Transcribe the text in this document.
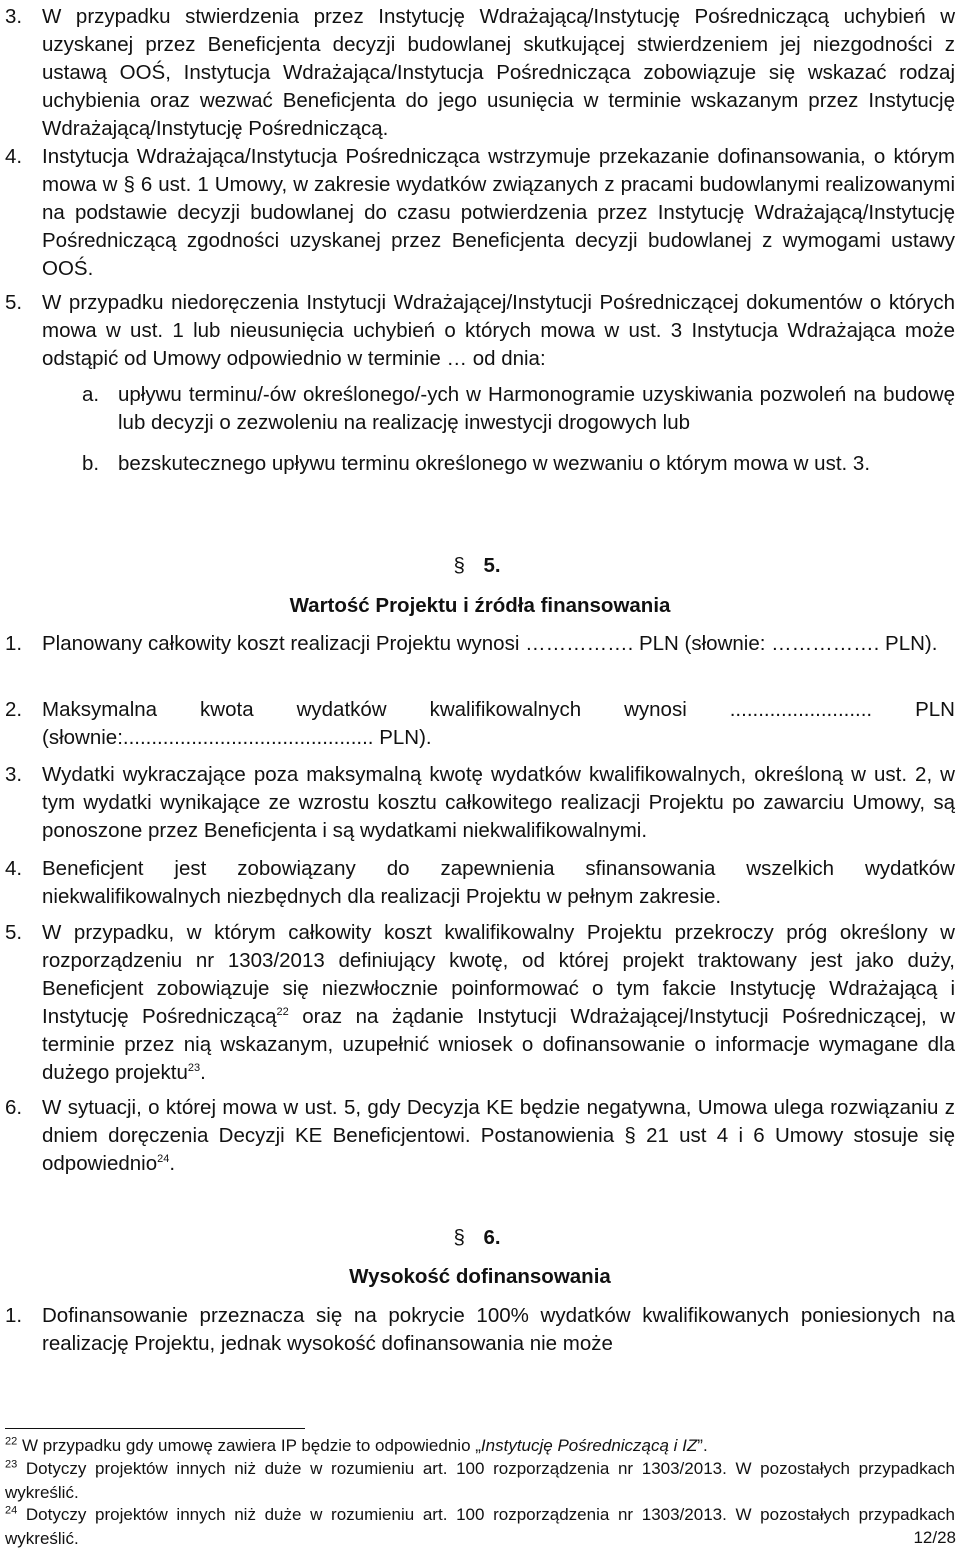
3. W przypadku stwierdzenia przez Instytucję Wdrażającą/Instytucję Pośredniczącą uchybień w uzyskanej przez Beneficjenta decyzji budowlanej skutkującej stwierdzeniem jej niezgodności z ustawą OOŚ, Instytucja Wdrażająca/Instytucja Pośrednicząca zobowiązuje się wskazać rodzaj uchybienia oraz wezwać Beneficjenta do jego usunięcia w terminie wskazanym przez Instytucję Wdrażającą/Instytucję Pośredniczącą.
4. Instytucja Wdrażająca/Instytucja Pośrednicząca wstrzymuje przekazanie dofinansowania, o którym mowa w § 6 ust. 1 Umowy, w zakresie wydatków związanych z pracami budowlanymi realizowanymi na podstawie decyzji budowlanej do czasu potwierdzenia przez Instytucję Wdrażającą/Instytucję Pośredniczącą zgodności uzyskanej przez Beneficjenta decyzji budowlanej z wymogami ustawy OOŚ.
5. W przypadku niedoręczenia Instytucji Wdrażającej/Instytucji Pośredniczącej dokumentów o których mowa w ust. 1 lub nieusunięcia uchybień o których mowa w ust. 3 Instytucja Wdrażająca może odstąpić od Umowy odpowiednio w terminie … od dnia:
a. upływu terminu/-ów określonego/-ych w Harmonogramie uzyskiwania pozwoleń na budowę lub decyzji o zezwoleniu na realizację inwestycji drogowych lub
b. bezskutecznego upływu terminu określonego w wezwaniu o którym mowa w ust. 3.
§ 5.
Wartość Projektu i źródła finansowania
1. Planowany całkowity koszt realizacji Projektu wynosi ……………. PLN (słownie: ……………. PLN).
2. Maksymalna kwota wydatków kwalifikowalnych wynosi ......................... PLN (słownie:............................................ PLN).
3. Wydatki wykraczające poza maksymalną kwotę wydatków kwalifikowalnych, określoną w ust. 2, w tym wydatki wynikające ze wzrostu kosztu całkowitego realizacji Projektu po zawarciu Umowy, są ponoszone przez Beneficjenta i są wydatkami niekwalifikowalnymi.
4. Beneficjent jest zobowiązany do zapewnienia sfinansowania wszelkich wydatków niekwalifikowalnych niezbędnych dla realizacji Projektu w pełnym zakresie.
5. W przypadku, w którym całkowity koszt kwalifikowalny Projektu przekroczy próg określony w rozporządzeniu nr 1303/2013 definiujący kwotę, od której projekt traktowany jest jako duży, Beneficjent zobowiązuje się niezwłocznie poinformować o tym fakcie Instytucję Wdrażającą i Instytucję Pośredniczącą$^{22}$ oraz na żądanie Instytucji Wdrażającej/Instytucji Pośredniczącej, w terminie przez nią wskazanym, uzupełnić wniosek o dofinansowanie o informacje wymagane dla dużego projektu$^{23}$.
6. W sytuacji, o której mowa w ust. 5, gdy Decyzja KE będzie negatywna, Umowa ulega rozwiązaniu z dniem doręczenia Decyzji KE Beneficjentowi. Postanowienia § 21 ust 4 i 6 Umowy stosuje się odpowiednio$^{24}$.
§ 6.
Wysokość dofinansowania
1. Dofinansowanie przeznacza się na pokrycie 100% wydatków kwalifikowanych poniesionych na realizację Projektu, jednak wysokość dofinansowania nie może
$^{22}$ W przypadku gdy umowę zawiera IP będzie to odpowiednio „Instytucję Pośredniczącą i IZ”.
$^{23}$ Dotyczy projektów innych niż duże w rozumieniu art. 100 rozporządzenia nr 1303/2013. W pozostałych przypadkach wykreślić.
$^{24}$ Dotyczy projektów innych niż duże w rozumieniu art. 100 rozporządzenia nr 1303/2013. W pozostałych przypadkach wykreślić.	12/28
